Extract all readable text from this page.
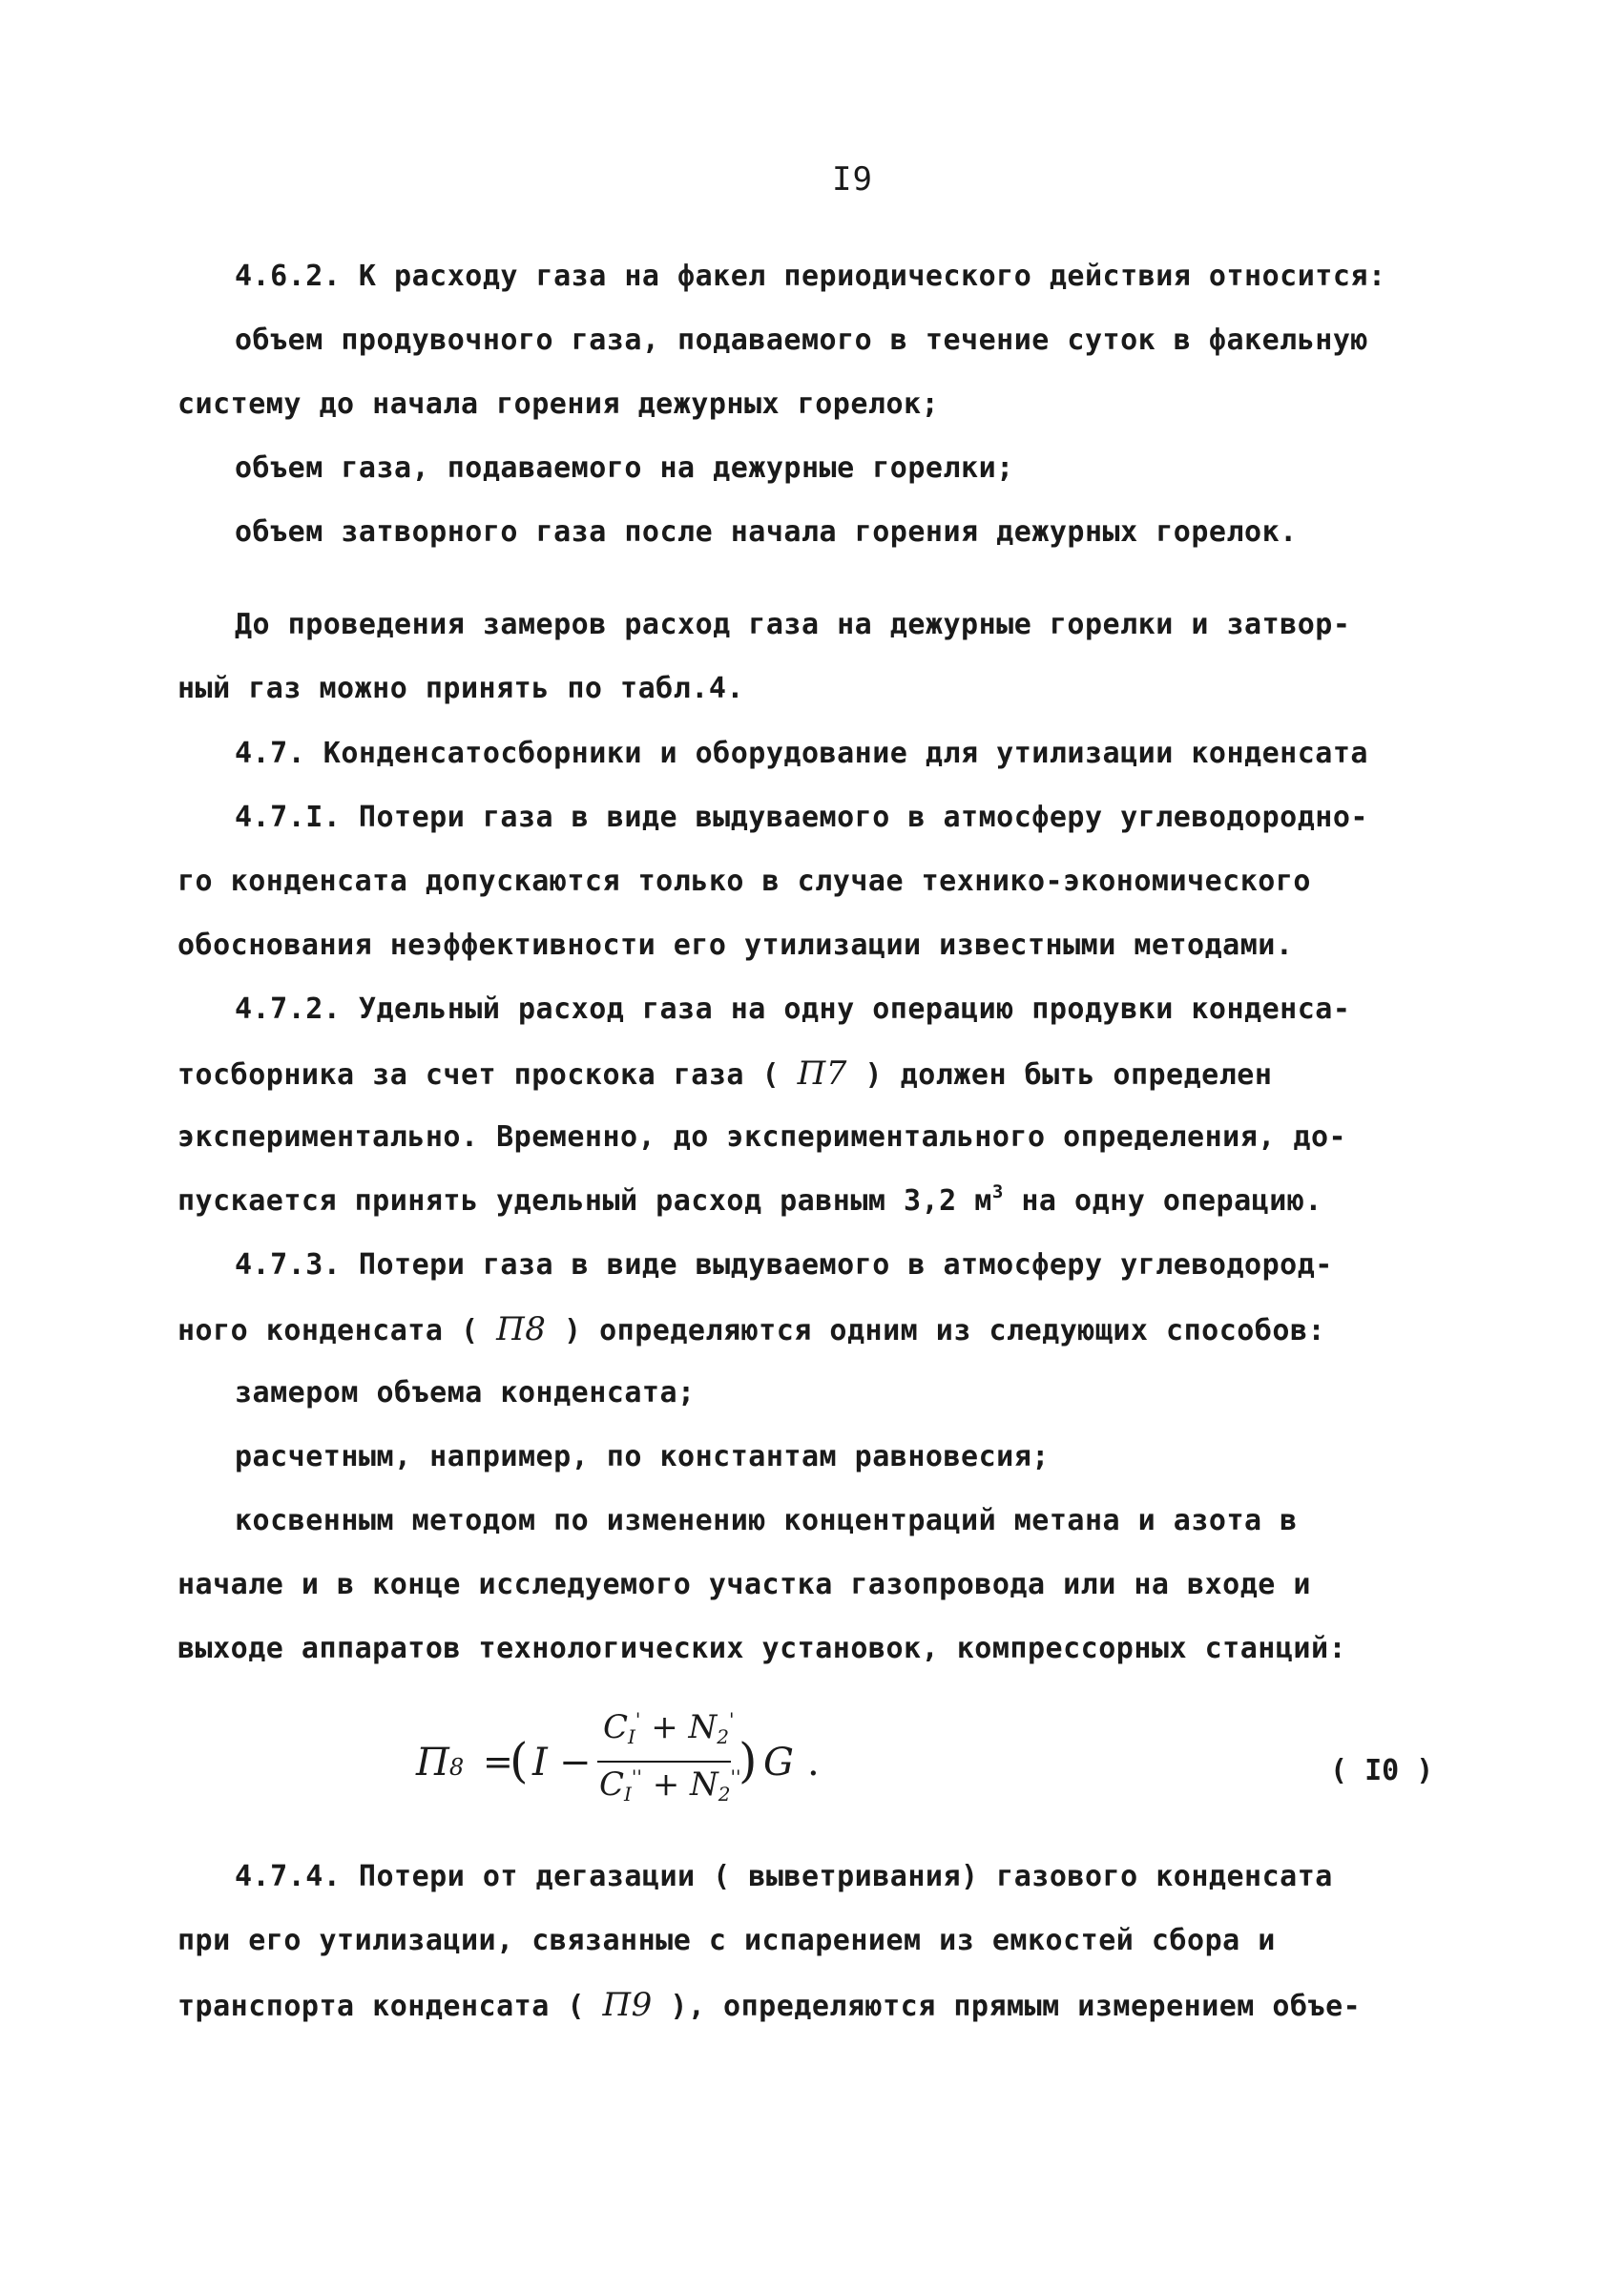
I9
4.6.2. К расходу газа на факел периодического действия относится:
объем продувочного газа, подаваемого в течение суток в факельную
систему до начала горения дежурных горелок;
объем газа, подаваемого на дежурные горелки;
объем затворного газа после начала горения дежурных горелок.
До проведения замеров расход газа на дежурные горелки и затвор-
ный газ можно принять по табл.4.
4.7. Конденсатосборники и оборудование для утилизации конденсата
4.7.I. Потери газа в виде выдуваемого в атмосферу углеводородно-
го конденсата допускаются только в случае технико-экономического
обоснования неэффективности его утилизации известными методами.
4.7.2. Удельный расход газа на одну операцию продувки конденса-
тосборника за счет проскока газа ( П7 ) должен быть определен
экспериментально. Временно, до экспериментального определения, до-
пускается принять удельный расход равным 3,2 $м^3$ на одну операцию.
4.7.3. Потери газа в виде выдуваемого в атмосферу углеводород-
ного конденсата ( П8 ) определяются одним из следующих способов:
замером объема конденсата;
расчетным, например, по константам равновесия;
косвенным методом по изменению концентраций метана и азота в
начале и в конце исследуемого участка газопровода или на входе и
выходе аппаратов технологических установок, компрессорных станций:
П8 =
( I −
CI' + N2'
CI'' + N2''
) G .	( I0 )
4.7.4. Потери от дегазации ( выветривания) газового конденсата
при его утилизации, связанные с испарением из емкостей сбора и
транспорта конденсата ( П9 ), определяются прямым измерением объе-
